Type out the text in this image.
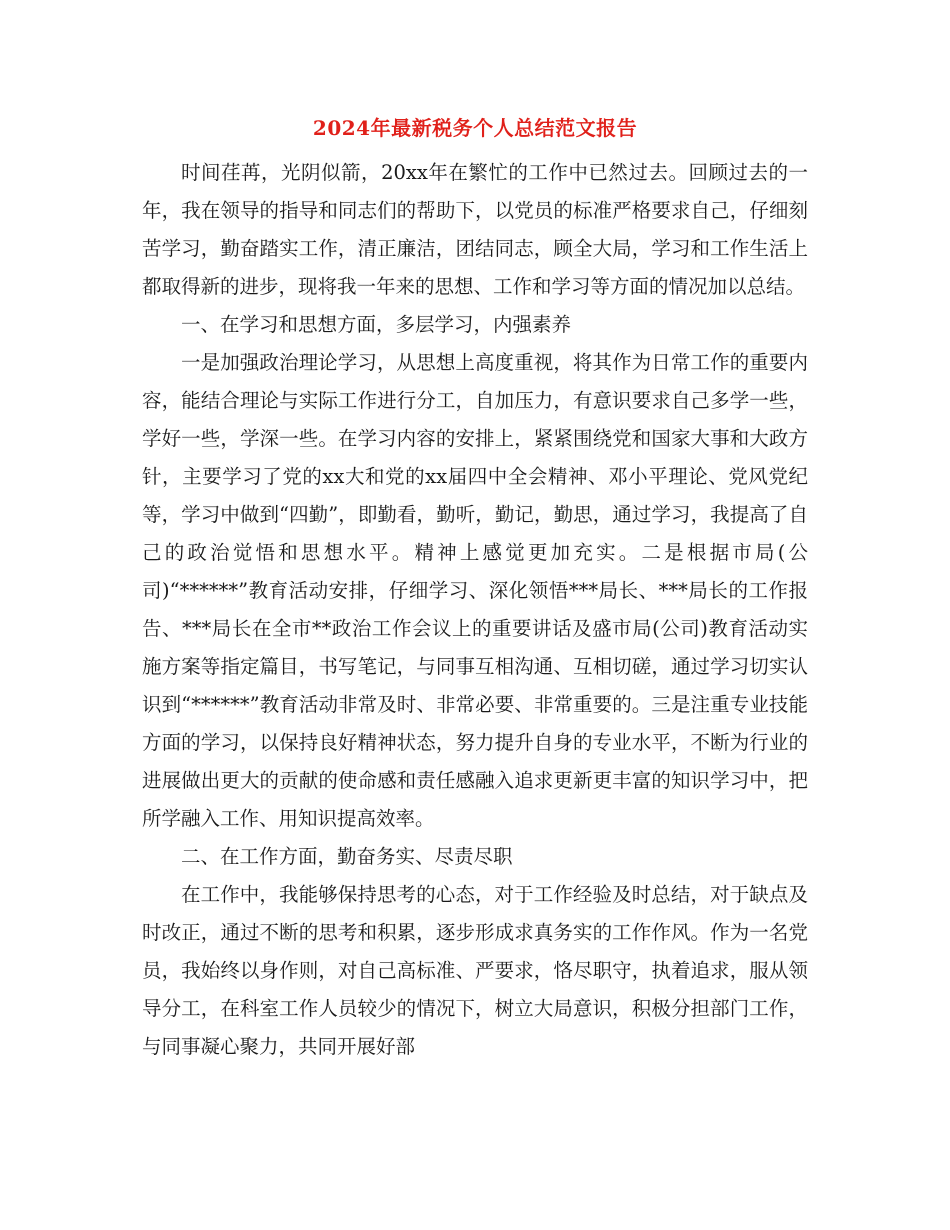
2024年最新税务个人总结范文报告

时间荏苒，光阴似箭，20xx年在繁忙的工作中已然过去。回顾过去的一年，我在领导的指导和同志们的帮助下，以党员的标准严格要求自己，仔细刻苦学习，勤奋踏实工作，清正廉洁，团结同志，顾全大局，学习和工作生活上都取得新的进步，现将我一年来的思想、工作和学习等方面的情况加以总结。

一、在学习和思想方面，多层学习，内强素养

一是加强政治理论学习，从思想上高度重视，将其作为日常工作的重要内容，能结合理论与实际工作进行分工，自加压力，有意识要求自己多学一些，学好一些，学深一些。在学习内容的安排上，紧紧围绕党和国家大事和大政方针，主要学习了党的xx大和党的xx届四中全会精神、邓小平理论、党风党纪等，学习中做到“四勤”，即勤看，勤听，勤记，勤思，通过学习，我提高了自己的政治觉悟和思想水平。精神上感觉更加充实。二是根据市局(公司)“******”教育活动安排，仔细学习、深化领悟***局长、***局长的工作报告、***局长在全市**政治工作会议上的重要讲话及盛市局(公司)教育活动实施方案等指定篇目，书写笔记，与同事互相沟通、互相切磋，通过学习切实认识到“******”教育活动非常及时、非常必要、非常重要的。三是注重专业技能方面的学习，以保持良好精神状态，努力提升自身的专业水平，不断为行业的进展做出更大的贡献的使命感和责任感融入追求更新更丰富的知识学习中，把所学融入工作、用知识提高效率。

二、在工作方面，勤奋务实、尽责尽职

在工作中，我能够保持思考的心态，对于工作经验及时总结，对于缺点及时改正，通过不断的思考和积累，逐步形成求真务实的工作作风。作为一名党员，我始终以身作则，对自己高标准、严要求，恪尽职守，执着追求，服从领导分工，在科室工作人员较少的情况下，树立大局意识，积极分担部门工作，与同事凝心聚力，共同开展好部
